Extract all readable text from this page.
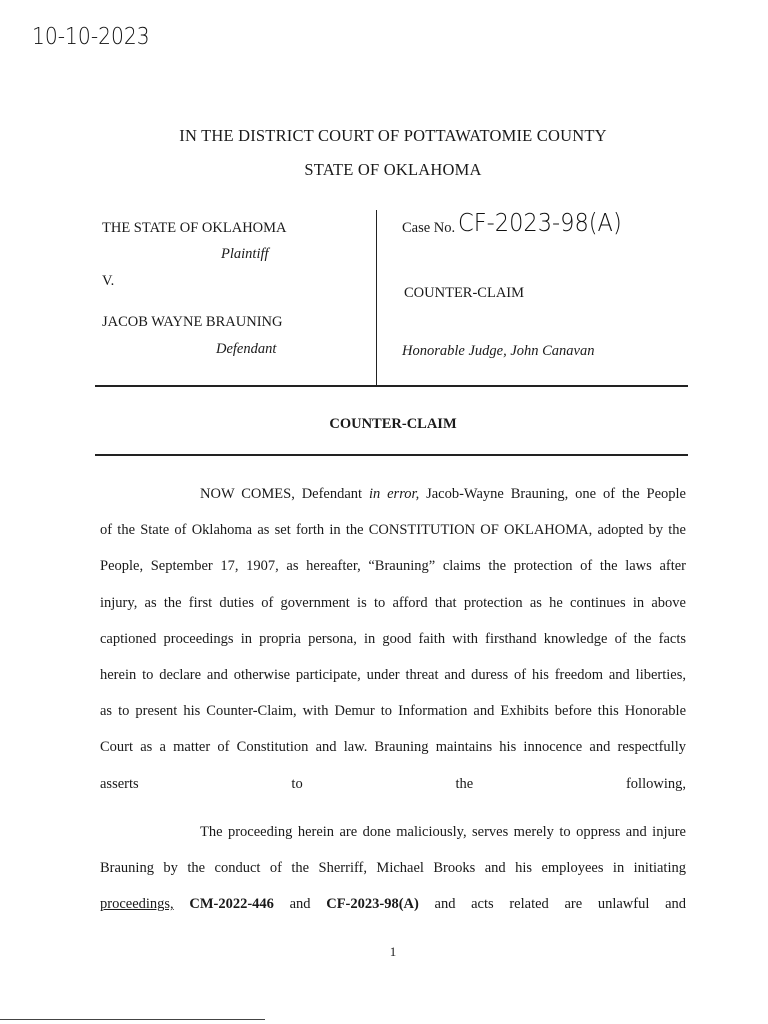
10-10-2023
IN THE DISTRICT COURT OF POTTAWATOMIE COUNTY
STATE OF OKLAHOMA
THE STATE OF OKLAHOMA
Plaintiff
V.
JACOB WAYNE BRAUNING
Defendant
Case No. CF-2023-98(A)
COUNTER-CLAIM
Honorable Judge, John Canavan
COUNTER-CLAIM
NOW COMES, Defendant in error, Jacob-Wayne Brauning, one of the People
of the State of Oklahoma as set forth in the CONSTITUTION OF OKLAHOMA, adopted by the
People, September 17, 1907, as hereafter, “Brauning” claims the protection of the laws after
injury, as the first duties of government is to afford that protection as he continues in above
captioned proceedings in propria persona, in good faith with firsthand knowledge of the facts
herein to declare and otherwise participate, under threat and duress of his freedom and liberties,
as to present his Counter-Claim, with Demur to Information and Exhibits before this Honorable
Court as a matter of Constitution and law. Brauning maintains his innocence and respectfully
asserts to the following,
The proceeding herein are done maliciously, serves merely to oppress and injure
Brauning by the conduct of the Sherriff, Michael Brooks and his employees in initiating
proceedings, CM-2022-446 and CF-2023-98(A) and acts related are unlawful and
1
